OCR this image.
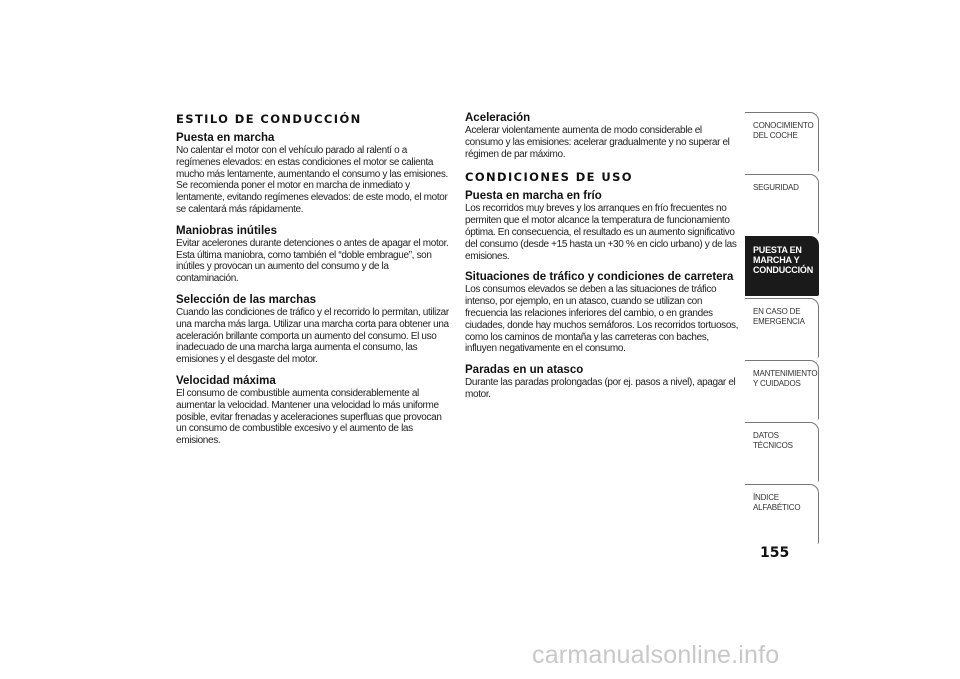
ESTILO DE CONDUCCIÓN
Puesta en marcha

No calentar el motor con el vehículo parado al ralentí o a regímenes elevados: en estas condiciones el motor se calienta mucho más lentamente, aumentando el consumo y las emisiones. Se recomienda poner el motor en marcha de inmediato y lentamente, evitando regímenes elevados: de este modo, el motor se calentará más rápidamente.

Maniobras inútiles

Evitar acelerones durante detenciones o antes de apagar el motor. Esta última maniobra, como también el “doble embrague”, son inútiles y provocan un aumento del consumo y de la contaminación.

Selección de las marchas

Cuando las condiciones de tráfico y el recorrido lo permitan, utilizar una marcha más larga. Utilizar una marcha corta para obtener una aceleración brillante comporta un aumento del consumo. El uso inadecuado de una marcha larga aumenta el consumo, las emisiones y el desgaste del motor.

Velocidad máxima

El consumo de combustible aumenta considerablemente al aumentar la velocidad. Mantener una velocidad lo más uniforme posible, evitar frenadas y aceleraciones superfluas que provocan un consumo de combustible excesivo y el aumento de las emisiones.

Aceleración

Acelerar violentamente aumenta de modo considerable el consumo y las emisiones: acelerar gradualmente y no superar el régimen de par máximo.

CONDICIONES DE USO
Puesta en marcha en frío

Los recorridos muy breves y los arranques en frío frecuentes no permiten que el motor alcance la temperatura de funcionamiento óptima. En consecuencia, el resultado es un aumento significativo del consumo (desde +15 hasta un +30 % en ciclo urbano) y de las emisiones.

Situaciones de tráfico y condiciones de carretera

Los consumos elevados se deben a las situaciones de tráfico intenso, por ejemplo, en un atasco, cuando se utilizan con frecuencia las relaciones inferiores del cambio, o en grandes ciudades, donde hay muchos semáforos. Los recorridos tortuosos, como los caminos de montaña y las carreteras con baches, influyen negativamente en el consumo.

Paradas en un atasco

Durante las paradas prolongadas (por ej. pasos a nivel), apagar el motor.

CONOCIMIENTO DEL COCHE
SEGURIDAD
PUESTA EN MARCHA Y CONDUCCIÓN
EN CASO DE EMERGENCIA
MANTENIMIENTO Y CUIDADOS
DATOS TÉCNICOS
ÍNDICE ALFABÉTICO
155
carmanualsonline.info
